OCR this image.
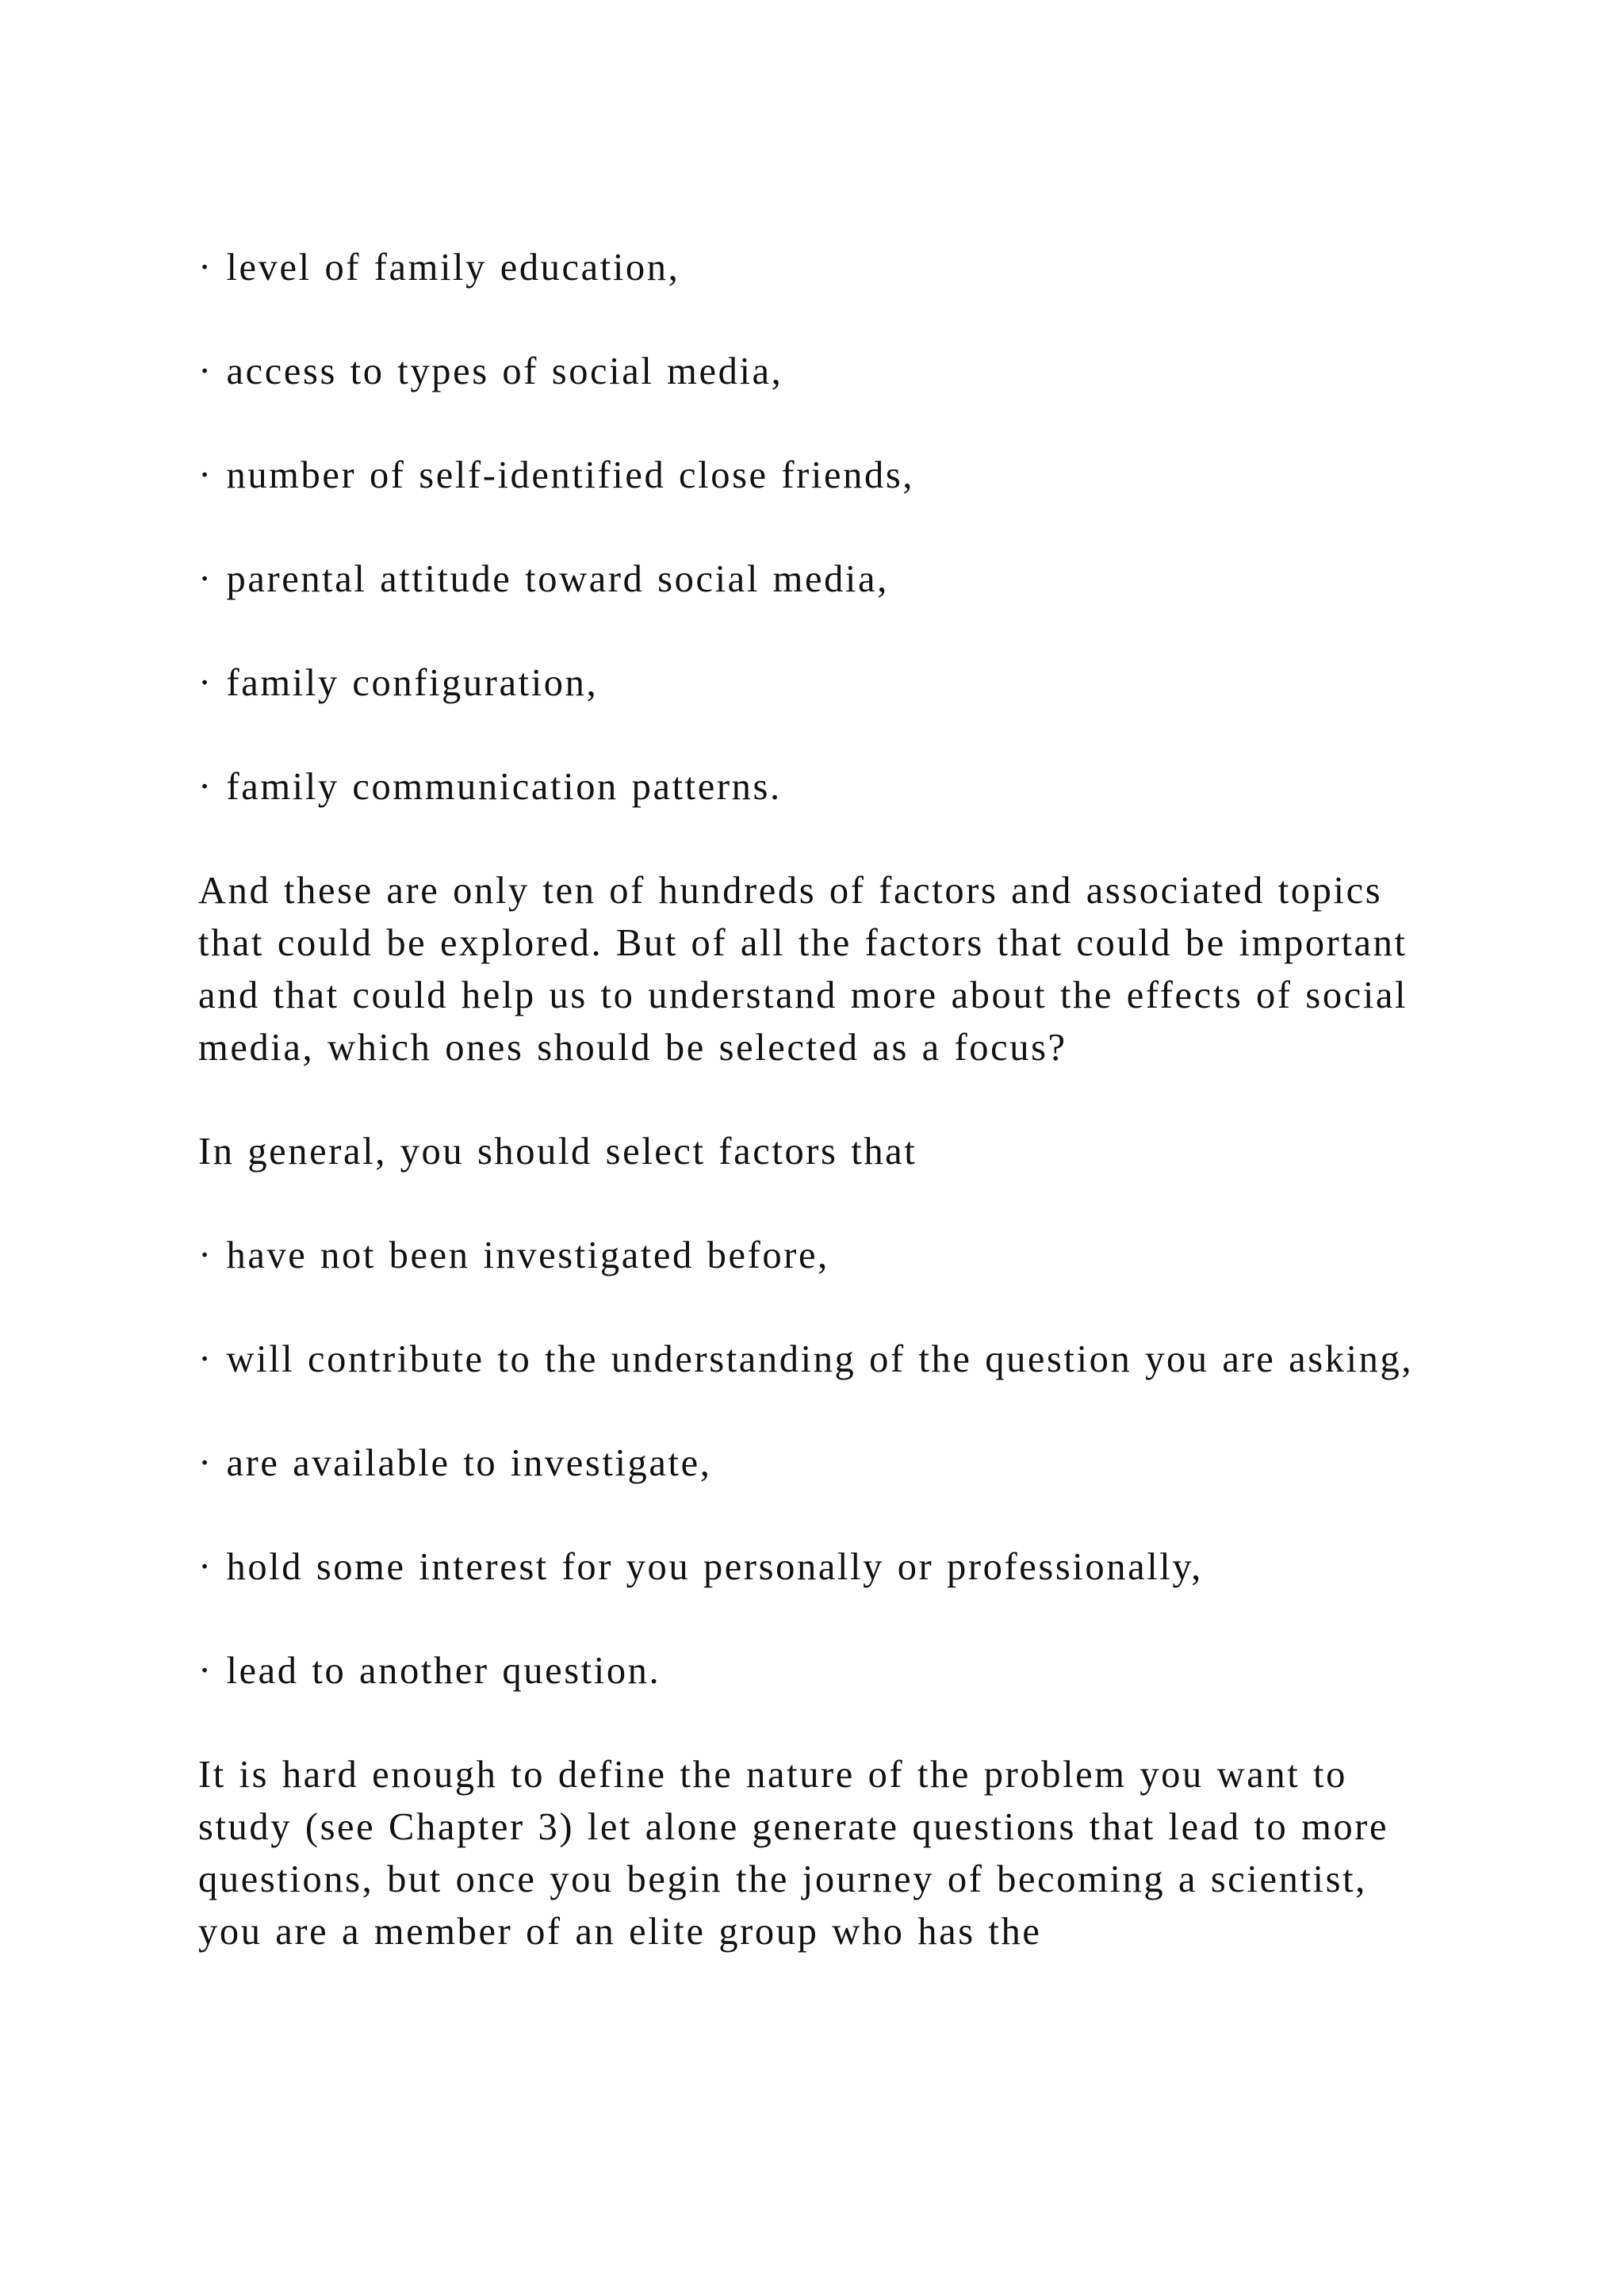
· level of family education,

· access to types of social media,

· number of self-identified close friends,

· parental attitude toward social media,

· family configuration,

· family communication patterns.

And these are only ten of hundreds of factors and associated topics that could be explored. But of all the factors that could be important and that could help us to understand more about the effects of social media, which ones should be selected as a focus?

In general, you should select factors that

· have not been investigated before,

· will contribute to the understanding of the question you are asking,

· are available to investigate,

· hold some interest for you personally or professionally,

· lead to another question.

It is hard enough to define the nature of the problem you want to study (see Chapter 3) let alone generate questions that lead to more questions, but once you begin the journey of becoming a scientist, you are a member of an elite group who has the
